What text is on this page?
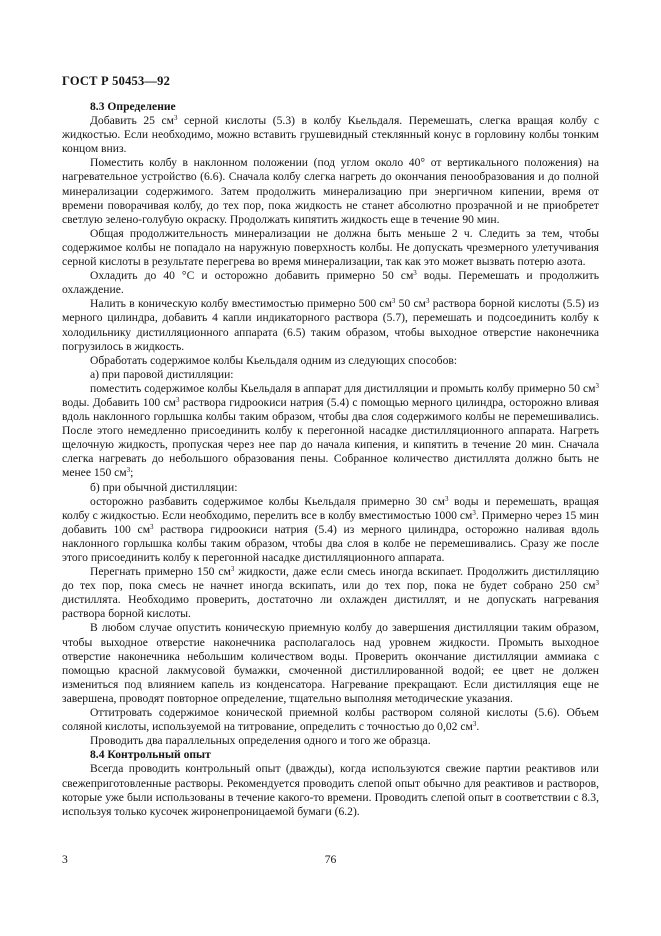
ГОСТ Р 50453—92
8.3 Определение

Добавить 25 $см^3$ серной кислоты (5.3) в колбу Кьельдаля. Перемешать, слегка вращая колбу с жидкостью. Если необходимо, можно вставить грушевидный стеклянный конус в горловину колбы тонким концом вниз.

Поместить колбу в наклонном положении (под углом около 40° от вертикального положения) на нагревательное устройство (6.6). Сначала колбу слегка нагреть до окончания пенообразования и до полной минерализации содержимого. Затем продолжить минерализацию при энергичном кипении, время от времени поворачивая колбу, до тех пор, пока жидкость не станет абсолютно прозрачной и не приобретет светлую зелено-голубую окраску. Продолжать кипятить жидкость еще в течение 90 мин.

Общая продолжительность минерализации не должна быть меньше 2 ч. Следить за тем, чтобы содержимое колбы не попадало на наружную поверхность колбы. Не допускать чрезмерного улетучивания серной кислоты в результате перегрева во время минерализации, так как это может вызвать потерю азота.

Охладить до 40 °С и осторожно добавить примерно 50 $см^3$ воды. Перемешать и продолжить охлаждение.

Налить в коническую колбу вместимостью примерно 500 $см^3$ 50 $см^3$ раствора борной кислоты (5.5) из мерного цилиндра, добавить 4 капли индикаторного раствора (5.7), перемешать и подсоединить колбу к холодильнику дистилляционного аппарата (6.5) таким образом, чтобы выходное отверстие наконечника погрузилось в жидкость.

Обработать содержимое колбы Кьельдаля одним из следующих способов:

а) при паровой дистилляции:

поместить содержимое колбы Кьельдаля в аппарат для дистилляции и промыть колбу примерно 50 $см^3$ воды. Добавить 100 $см^3$ раствора гидроокиси натрия (5.4) с помощью мерного цилиндра, осторожно вливая вдоль наклонного горлышка колбы таким образом, чтобы два слоя содержимого колбы не перемешивались. После этого немедленно присоединить колбу к перегонной насадке дистилляционного аппарата. Нагреть щелочную жидкость, пропуская через нее пар до начала кипения, и кипятить в течение 20 мин. Сначала слегка нагревать до небольшого образования пены. Собранное количество дистиллята должно быть не менее 150 $см^3$;

б) при обычной дистилляции:

осторожно разбавить содержимое колбы Кьельдаля примерно 30 $см^3$ воды и перемешать, вращая колбу с жидкостью. Если необходимо, перелить все в колбу вместимостью 1000 $см^3$. Примерно через 15 мин добавить 100 $см^3$ раствора гидроокиси натрия (5.4) из мерного цилиндра, осторожно наливая вдоль наклонного горлышка колбы таким образом, чтобы два слоя в колбе не перемешивались. Сразу же после этого присоединить колбу к перегонной насадке дистилляционного аппарата.

Перегнать примерно 150 $см^3$ жидкости, даже если смесь иногда вскипает. Продолжить дистилляцию до тех пор, пока смесь не начнет иногда вскипать, или до тех пор, пока не будет собрано 250 $см^3$ дистиллята. Необходимо проверить, достаточно ли охлажден дистиллят, и не допускать нагревания раствора борной кислоты.

В любом случае опустить коническую приемную колбу до завершения дистилляции таким образом, чтобы выходное отверстие наконечника располагалось над уровнем жидкости. Промыть выходное отверстие наконечника небольшим количеством воды. Проверить окончание дистилляции аммиака с помощью красной лакмусовой бумажки, смоченной дистиллированной водой; ее цвет не должен измениться под влиянием капель из конденсатора. Нагревание прекращают. Если дистилляция еще не завершена, проводят повторное определение, тщательно выполняя методические указания.

Оттитровать содержимое конической приемной колбы раствором соляной кислоты (5.6). Объем соляной кислоты, используемой на титрование, определить с точностью до 0,02 $см^3$.

Проводить два параллельных определения одного и того же образца.

8.4 Контрольный опыт

Всегда проводить контрольный опыт (дважды), когда используются свежие партии реактивов или свежеприготовленные растворы. Рекомендуется проводить слепой опыт обычно для реактивов и растворов, которые уже были использованы в течение какого-то времени. Проводить слепой опыт в соответствии с 8.3, используя только кусочек жиронепроницаемой бумаги (6.2).

3	76
